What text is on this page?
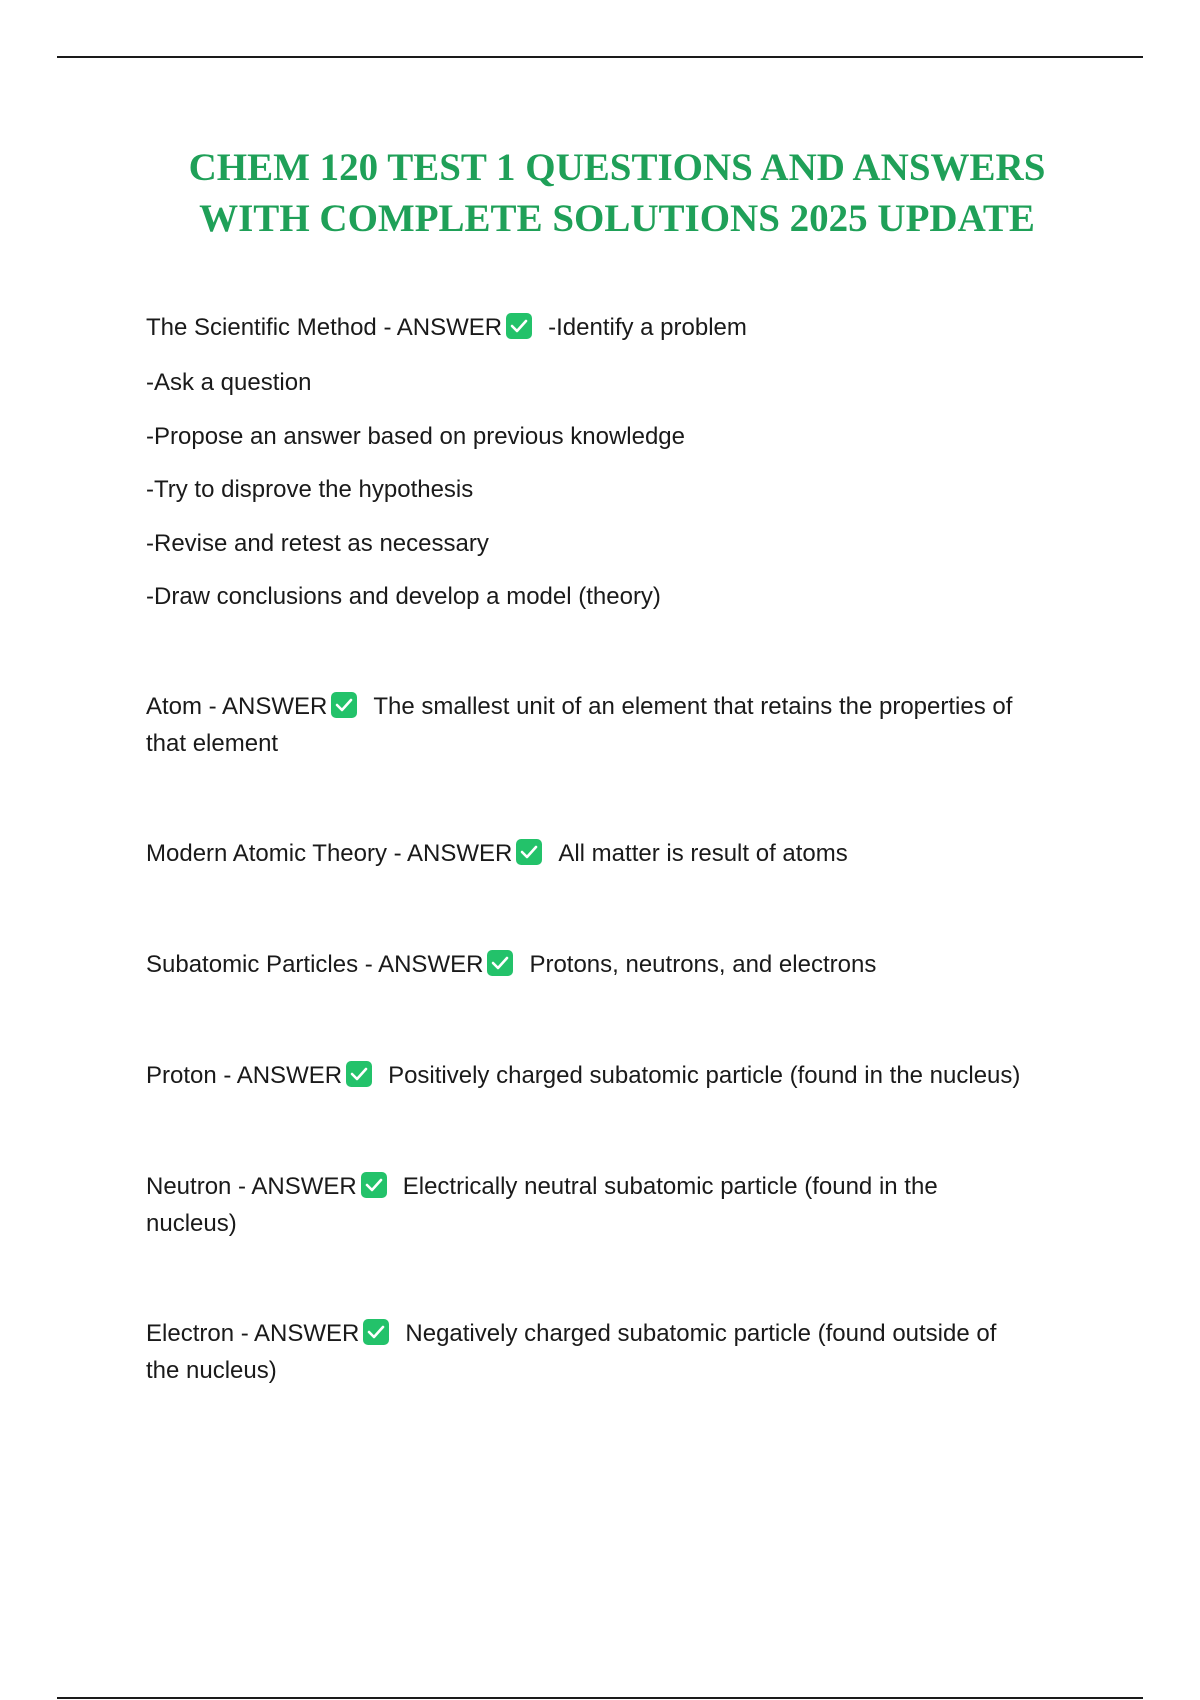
CHEM 120 TEST 1 QUESTIONS AND ANSWERS
WITH COMPLETE SOLUTIONS 2025 UPDATE

The Scientific Method - ANSWER -Identify a problem

-Ask a question
-Propose an answer based on previous knowledge
-Try to disprove the hypothesis
-Revise and retest as necessary
-Draw conclusions and develop a model (theory)

Atom - ANSWER The smallest unit of an element that retains the properties of
that element

Modern Atomic Theory - ANSWER All matter is result of atoms

Subatomic Particles - ANSWER Protons, neutrons, and electrons

Proton - ANSWER Positively charged subatomic particle (found in the nucleus)

Neutron - ANSWER Electrically neutral subatomic particle (found in the
nucleus)

Electron - ANSWER Negatively charged subatomic particle (found outside of
the nucleus)
